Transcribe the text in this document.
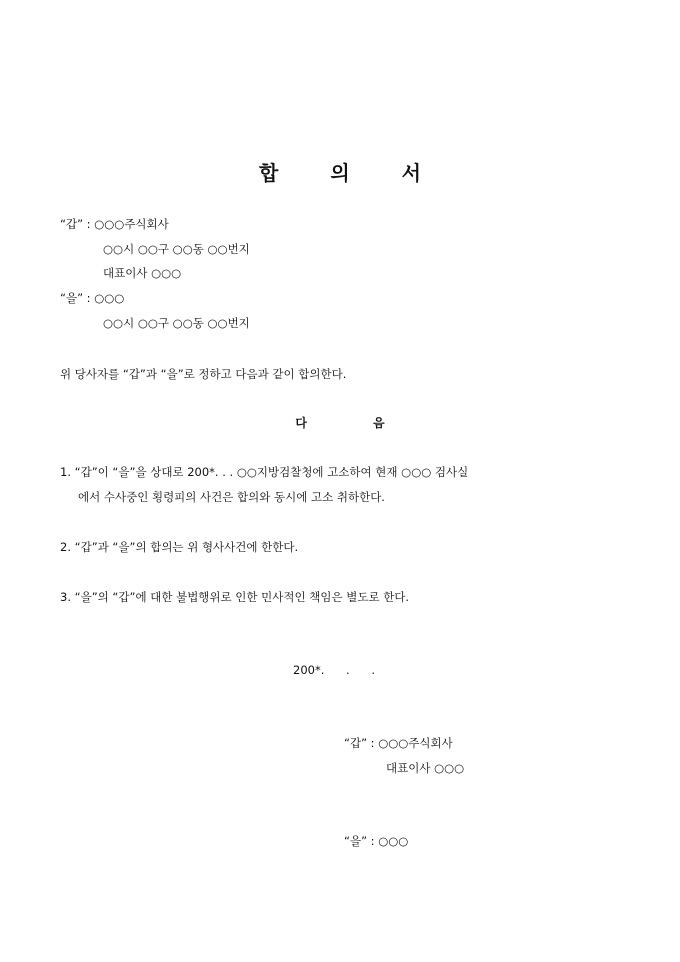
합	의	서
“갑” : ○○○주식회사
○○시 ○○구 ○○동 ○○번지
대표이사 ○○○
“을” : ○○○
○○시 ○○구 ○○동 ○○번지
위 당사자를 “갑”과 “을”로 정하고 다음과 같이 합의한다.
다	음
1. “갑”이 “을”을 상대로 200*. . . ○○지방검찰청에 고소하여 현재 ○○○ 검사실
에서 수사중인 횡령피의 사건은 합의와 동시에 고소 취하한다.
2. “갑”과 “을”의 합의는 위 형사사건에 한한다.
3. “을”의 “갑”에 대한 불법행위로 인한 민사적인 책임은 별도로 한다.
200*. . .
“갑” : ○○○주식회사
대표이사 ○○○
“을” : ○○○
